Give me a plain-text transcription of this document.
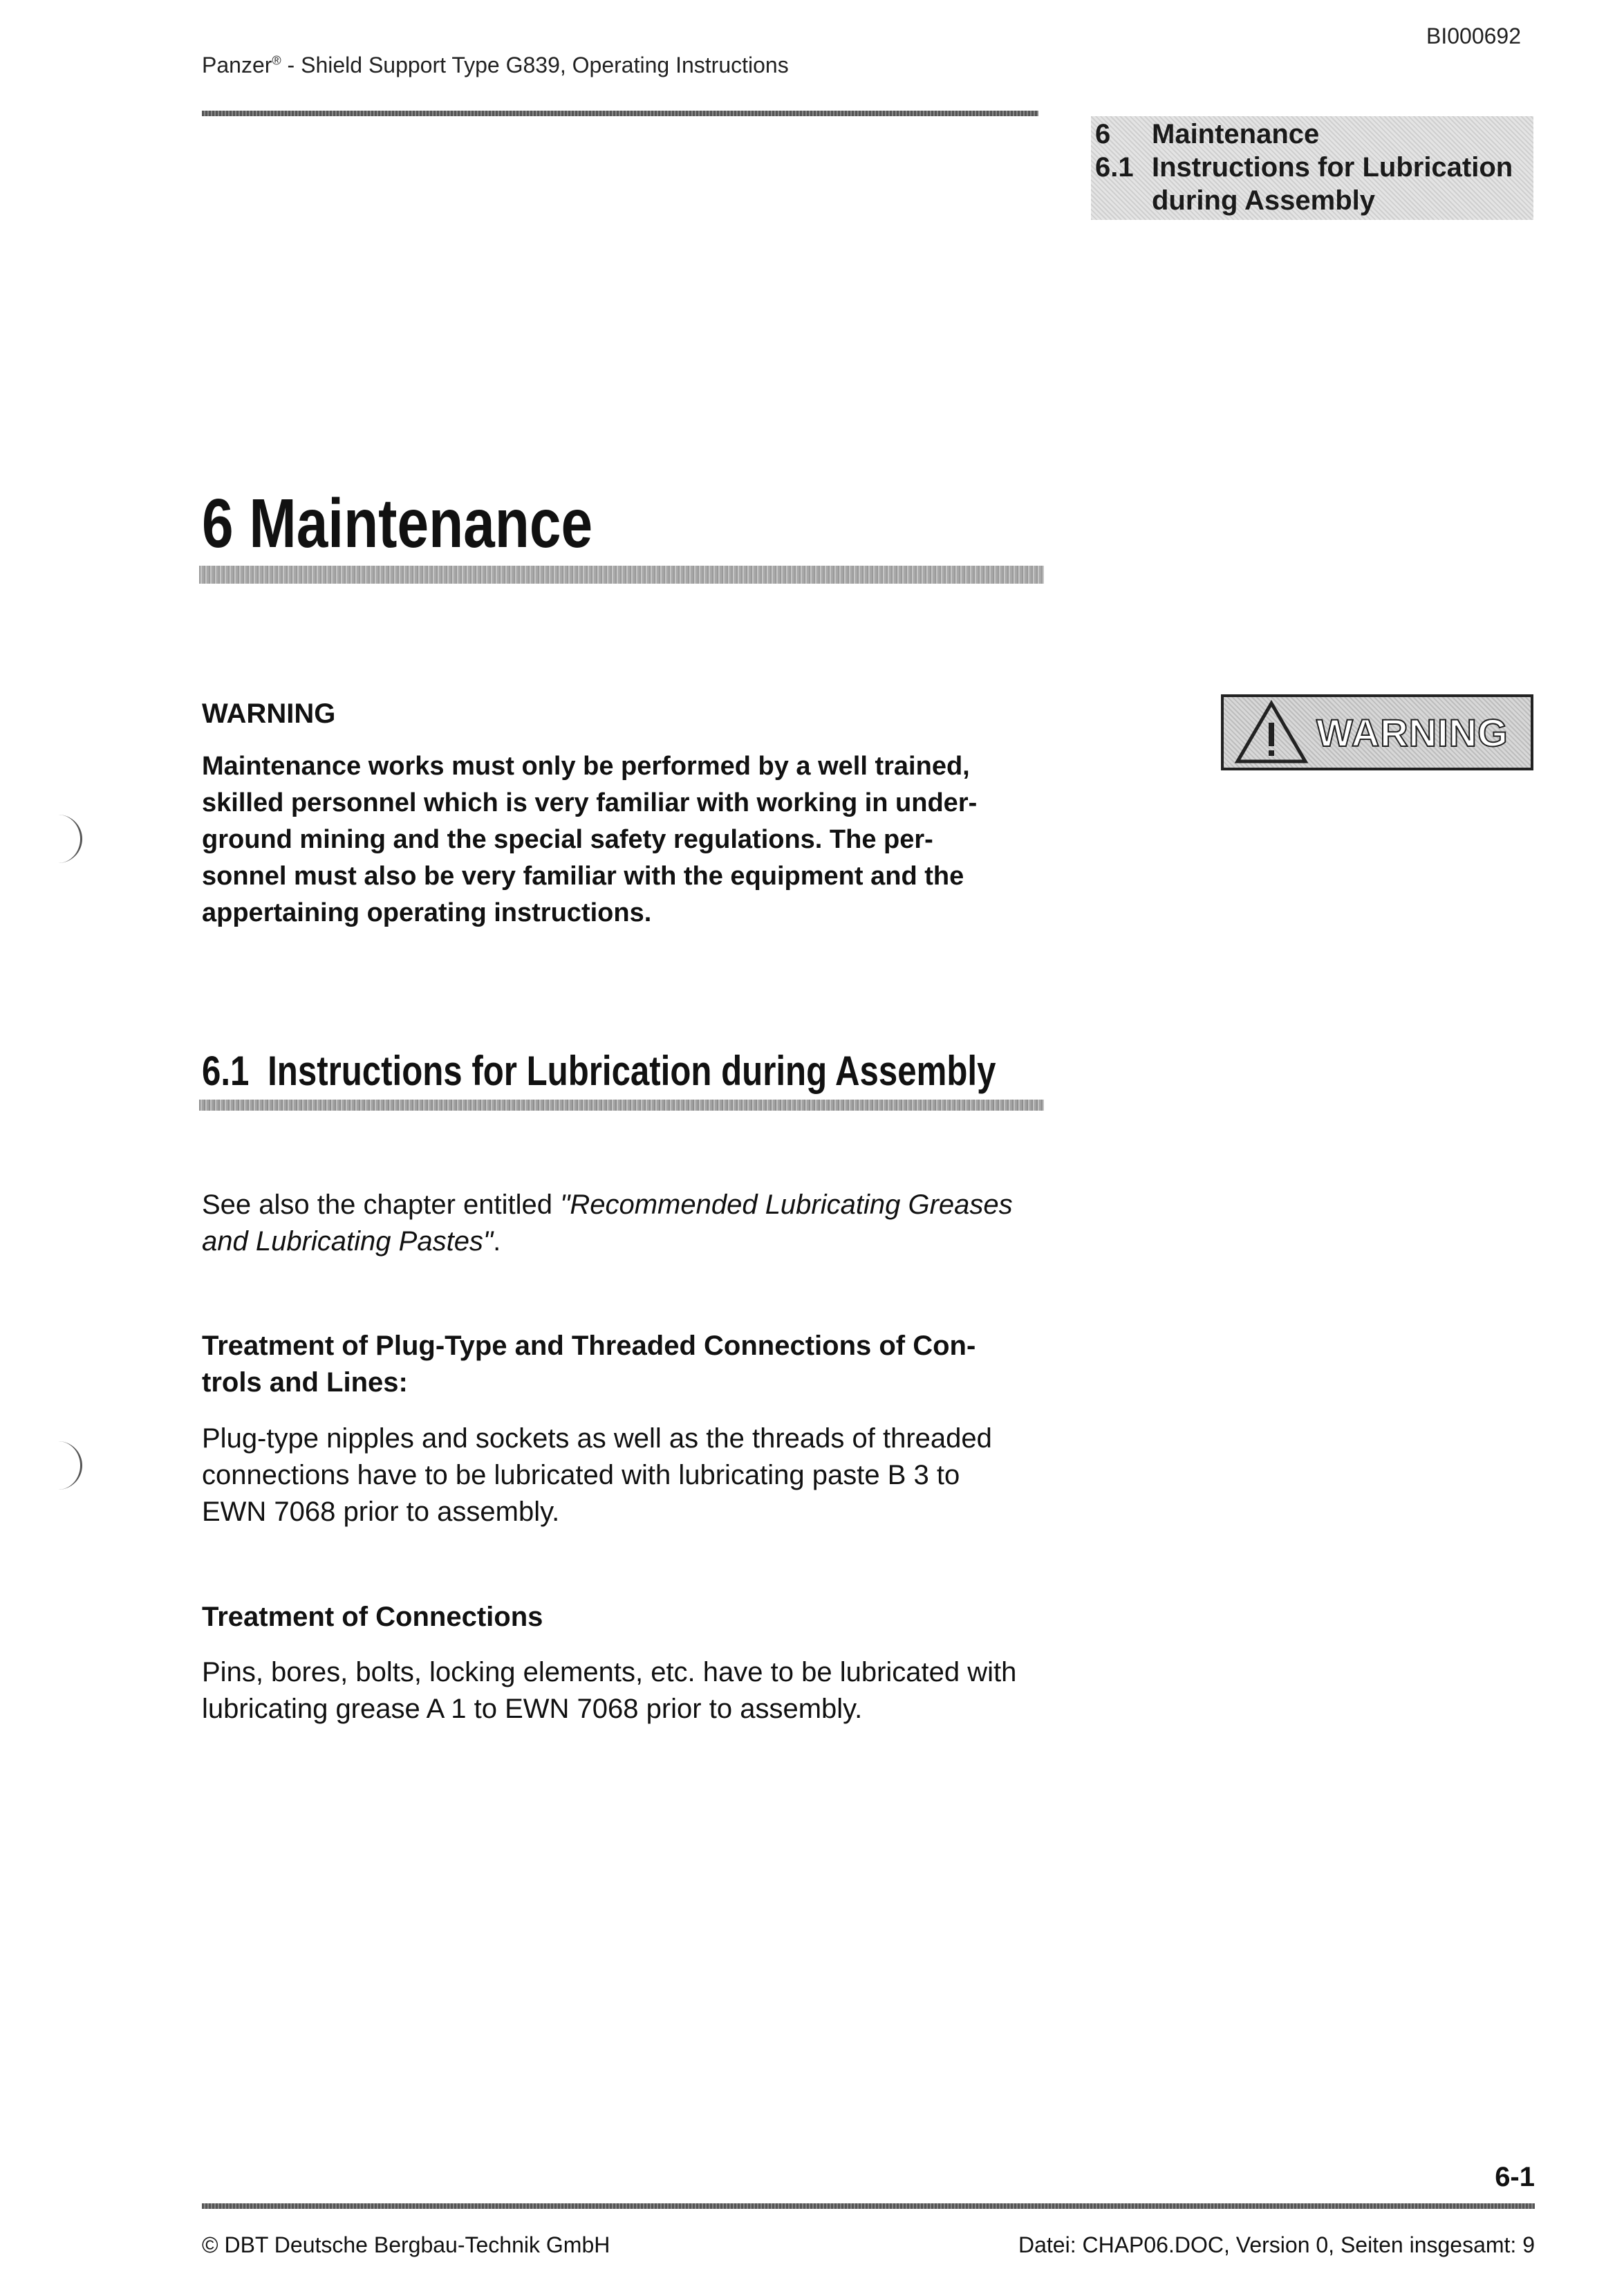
Panzer® - Shield Support Type G839, Operating Instructions
BI000692
6	Maintenance
6.1 Instructions for Lubrication
during Assembly
6 Maintenance
WARNING
Maintenance works must only be performed by a well trained,
skilled personnel which is very familiar with working in under-
ground mining and the special safety regulations. The per-
sonnel must also be very familiar with the equipment and the
appertaining operating instructions.
WARNING
6.1 Instructions for Lubrication during Assembly
See also the chapter entitled "Recommended Lubricating Greases
and Lubricating Pastes".
Treatment of Plug-Type and Threaded Connections of Con-
trols and Lines:
Plug-type nipples and sockets as well as the threads of threaded
connections have to be lubricated with lubricating paste B 3 to
EWN 7068 prior to assembly.
Treatment of Connections
Pins, bores, bolts, locking elements, etc. have to be lubricated with
lubricating grease A 1 to EWN 7068 prior to assembly.
6-1
© DBT Deutsche Bergbau-Technik GmbH	Datei: CHAP06.DOC, Version 0, Seiten insgesamt: 9
